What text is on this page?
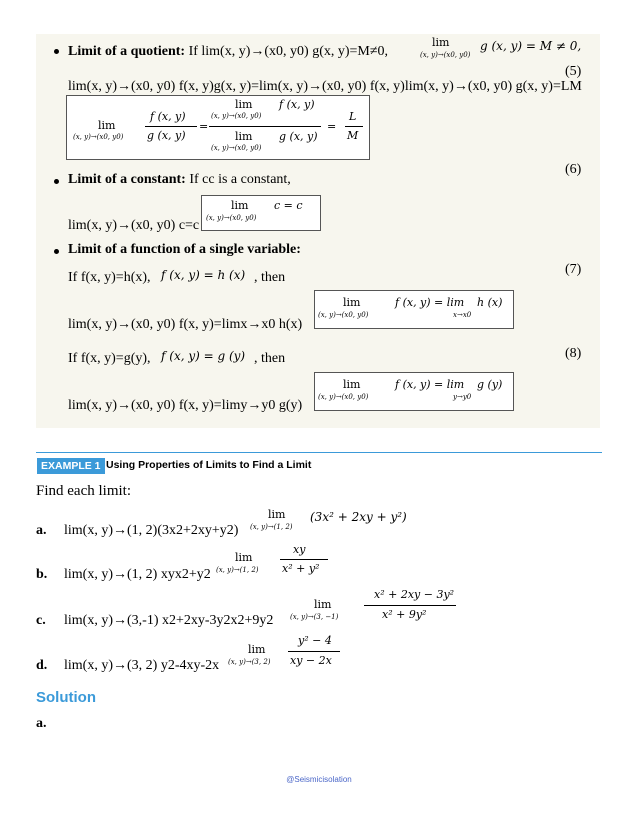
Limit of a quotient: If lim(x, y)→(x0, y0) g(x, y)=M≠0,
lim
(x, y)→(x0, y0)
g (x, y) = M ≠ 0,
(5)
lim(x, y)→(x0, y0) f(x, y)g(x, y)=lim(x, y)→(x0, y0) f(x, y)lim(x, y)→(x0, y0) g(x, y)=LM
lim
(x, y)→(x0, y0)
f (x, y)
g (x, y)
=
lim f (x, y)
(x, y)→(x0, y0)
lim g (x, y)
(x, y)→(x0, y0)
=
L
M
Limit of a constant: If cc is a constant,
(6)
lim(x, y)→(x0, y0) c=c
lim
(x, y)→(x0, y0)
c = c
Limit of a function of a single variable:
If f(x, y)=h(x), f (x, y) = h (x) , then
(7)
lim(x, y)→(x0, y0) f(x, y)=limx→x0 h(x)
lim
(x, y)→(x0, y0)
f (x, y) = lim
x→x0
h (x)
If f(x, y)=g(y), f (x, y) = g (y) , then	(8)
lim(x, y)→(x0, y0) f(x, y)=limy→y0 g(y)
lim
(x, y)→(x0, y0)
f (x, y) = lim
y→y0
g (y)
EXAMPLE 1 Using Properties of Limits to Find a Limit
Find each limit:
a. lim(x, y)→(1, 2)(3x2+2xy+y2)
lim
(x, y)→(1, 2)
(3x² + 2xy + y²)
b. lim(x, y)→(1, 2) xyx2+y2
lim
(x, y)→(1, 2)
xy
x² + y²
c. lim(x, y)→(3,-1) x2+2xy-3y2x2+9y2
lim
(x, y)→(3, −1)
x² + 2xy − 3y²
x² + 9y²
d. lim(x, y)→(3, 2) y2-4xy-2x
lim
(x, y)→(3, 2)
y² − 4
xy − 2x
Solution
a.
@Seismicisolation
